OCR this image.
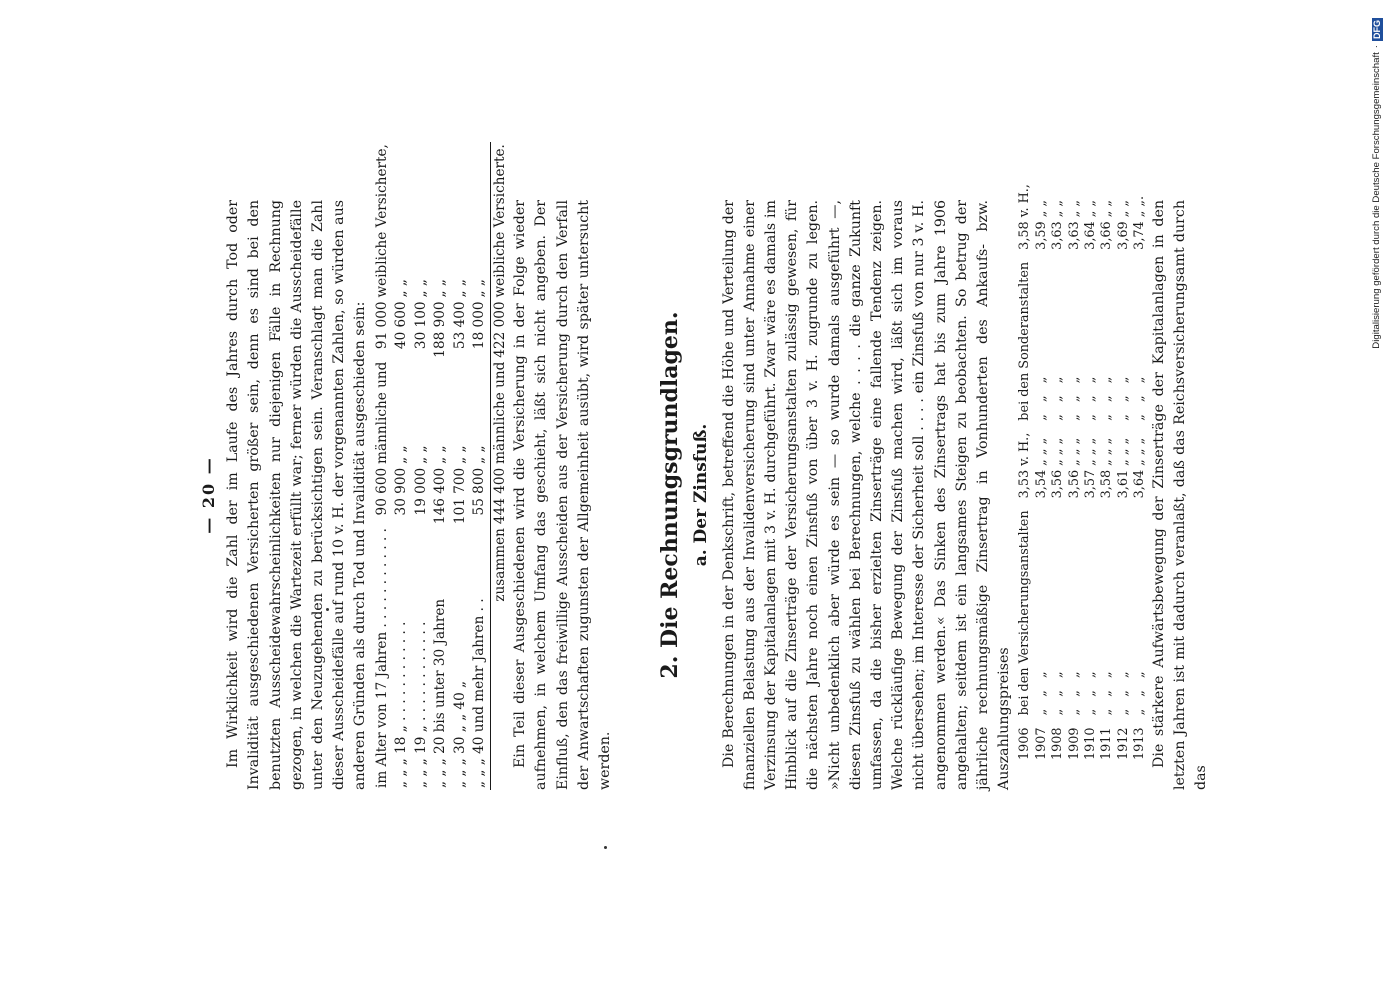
— 20 — Im Wirklichkeit wird die Zahl der im Laufe des Jahres durch Tod oder Invalidität ausgeschiedenen Versicherten größer sein, denn es sind bei den benutzten Ausscheidewahrscheinlichkeiten nur diejenigen Fälle in Rechnung gezogen, in welchen die Wartezeit erfüllt war; ferner würden die Ausscheidefälle unter den Neuzugehenden zu berücksichtigen sein. Veranschlagt man die Zahl dieser Ausscheidefälle auf rund 10 v. H. der vorgenannten Zahlen, so würden aus anderen Gründen als durch Tod und Invalidität ausgeschieden sein: im Alter von 17 Jahren . . . . . . . . . . . .	90 600	männliche und	91 000	weibliche Versicherte,
„ „ „ 18 „ . . . . . . . . . . . .	30 900	„ „	40 600	„ „
„ „ „ 19 „ . . . . . . . . . . . .	19 000	„ „	30 100	„ „
„ „ „ 20 bis unter 30 Jahren	146 400	„ „	188 900	„ „
„ „ „ 30 „ „ 40 „	101 700	„ „	53 400	„ „
„ „ „ 40 und mehr Jahren . .	55 800	„ „	18 000	„ „
zusammen	444 400	männliche und	422 000	weibliche Versicherte. Ein Teil dieser Ausgeschiedenen wird die Versicherung in der Folge wieder aufnehmen, in welchem Umfang das geschieht, läßt sich nicht angeben. Der Einfluß, den das freiwillige Ausscheiden aus der Versicherung durch den Verfall der Anwartschaften zugunsten der Allgemeinheit ausübt, wird später untersucht werden.

2. Die Rechnungsgrundlagen. a. Der Zinsfuß. Die Berechnungen in der Denkschrift, betreffend die Höhe und Verteilung der finanziellen Belastung aus der Invalidenversicherung sind unter Annahme einer Verzinsung der Kapitalanlagen mit 3 v. H. durchgeführt. Zwar wäre es damals im Hinblick auf die Zinserträge der Versicherungsanstalten zulässig gewesen, für die nächsten Jahre noch einen Zinsfuß von über 3 v. H. zugrunde zu legen. »Nicht unbedenklich aber würde es sein — so wurde damals ausgeführt —, diesen Zinsfuß zu wählen bei Berechnungen, welche . . . . die ganze Zukunft umfassen, da die bisher erzielten Zinserträge eine fallende Tendenz zeigen. Welche rückläufige Bewegung der Zinsfuß machen wird, läßt sich im voraus nicht übersehen; im Interesse der Sicherheit soll . . . . ein Zinsfuß von nur 3 v. H. angenommen werden.« Das Sinken des Zinsertrags hat bis zum Jahre 1906 angehalten; seitdem ist ein langsames Steigen zu beobachten. So betrug der jährliche rechnungsmäßige Zinsertrag in Vonhunderten des Ankaufs- bzw. Auszahlungspreises 1906	bei den Versicherungsanstalten	3,53 v. H.,	bei den Sonderanstalten	3,58 v. H.,
1907	„ „ „	3,54 „ „ „	„ „ „	3,59 „ „
1908	„ „ „	3,56 „ „ „	„ „ „	3,63 „ „
1909	„ „ „	3,56 „ „ „	„ „ „	3,63 „ „
1910	„ „ „	3,57 „ „ „	„ „ „	3,64 „ „
1911	„ „ „	3,58 „ „ „	„ „ „	3,66 „ „
1912	„ „ „	3,61 „ „ „	„ „ „	3,69 „ „
1913	„ „ „	3,64 „ „ „	„ „ „	3,74 „ „. Die stärkere Aufwärtsbewegung der Zinserträge der Kapitalanlagen in den letzten Jahren ist mit dadurch veranlaßt, daß das Reichsversicherungsamt durch das

Digitalisierung gefördert durch die Deutsche Forschungsgemeinschaft
·
DFG
